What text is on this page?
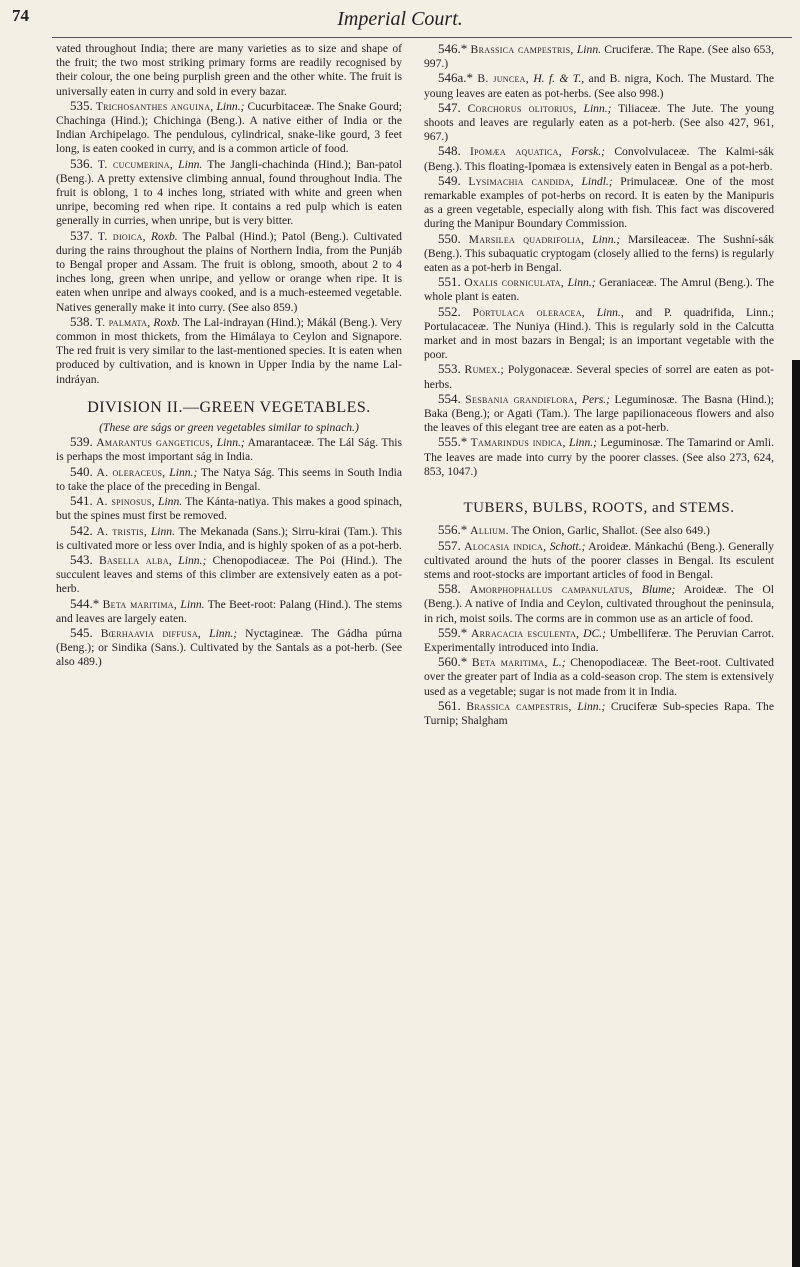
74	Imperial Court.

vated throughout India; there are many varieties as to size and shape of the fruit; the two most striking primary forms are readily recognised by their colour, the one being purplish green and the other white. The fruit is universally eaten in curry and sold in every bazar.

535. Trichosanthes anguina, Linn.; Cucurbitaceæ. The Snake Gourd; Chachinga (Hind.); Chichinga (Beng.). A native either of India or the Indian Archipelago. The pendulous, cylindrical, snake-like gourd, 3 feet long, is eaten cooked in curry, and is a common article of food.

536. T. cucumerina, Linn. The Jangli-chachinda (Hind.); Ban-patol (Beng.). A pretty extensive climbing annual, found throughout India. The fruit is oblong, 1 to 4 inches long, striated with white and green when unripe, becoming red when ripe. It contains a red pulp which is eaten generally in curries, when unripe, but is very bitter.

537. T. dioica, Roxb. The Palbal (Hind.); Patol (Beng.). Cultivated during the rains throughout the plains of Northern India, from the Punjáb to Bengal proper and Assam. The fruit is oblong, smooth, about 2 to 4 inches long, green when unripe, and yellow or orange when ripe. It is eaten when unripe and always cooked, and is a much-esteemed vegetable. Natives generally make it into curry. (See also 859.)

538. T. palmata, Roxb. The Lal-indrayan (Hind.); Mákál (Beng.). Very common in most thickets, from the Himálaya to Ceylon and Signapore. The red fruit is very similar to the last-mentioned species. It is eaten when produced by cultivation, and is known in Upper India by the name Lal-indráyan.

DIVISION II.—GREEN VEGETABLES.

(These are ságs or green vegetables similar to spinach.)

539. Amarantus gangeticus, Linn.; Amarantaceæ. The Lál Ság. This is perhaps the most important ság in India.

540. A. oleraceus, Linn.; The Natya Ság. This seems in South India to take the place of the preceding in Bengal.

541. A. spinosus, Linn. The Kánta-natiya. This makes a good spinach, but the spines must first be removed.

542. A. tristis, Linn. The Mekanada (Sans.); Sirru-kirai (Tam.). This is cultivated more or less over India, and is highly spoken of as a pot-herb.

543. Basella alba, Linn.; Chenopodiaceæ. The Poi (Hind.). The succulent leaves and stems of this climber are extensively eaten as a pot-herb.

544.* Beta maritima, Linn. The Beet-root: Palang (Hind.). The stems and leaves are largely eaten.

545. Bœrhaavia diffusa, Linn.; Nyctagineæ. The Gádha púrna (Beng.); or Sindika (Sans.). Cultivated by the Santals as a pot-herb. (See also 489.)

546.* Brassica campestris, Linn. Cruciferæ. The Rape. (See also 653, 997.)

546a.* B. juncea, H. f. & T., and B. nigra, Koch. The Mustard. The young leaves are eaten as pot-herbs. (See also 998.)

547. Corchorus olitorius, Linn.; Tiliaceæ. The Jute. The young shoots and leaves are regularly eaten as a pot-herb. (See also 427, 961, 967.)

548. Ipomæa aquatica, Forsk.; Convolvulaceæ. The Kalmi-sák (Beng.). This floating-Ipomæa is extensively eaten in Bengal as a pot-herb.

549. Lysimachia candida, Lindl.; Primulaceæ. One of the most remarkable examples of pot-herbs on record. It is eaten by the Manipuris as a green vegetable, especially along with fish. This fact was discovered during the Manipur Boundary Commission.

550. Marsilea quadrifolia, Linn.; Marsileaceæ. The Sushní-sák (Beng.). This subaquatic cryptogam (closely allied to the ferns) is regularly eaten as a pot-herb in Bengal.

551. Oxalis corniculata, Linn.; Geraniaceæ. The Amrul (Beng.). The whole plant is eaten.

552. Portulaca oleracea, Linn., and P. quadrifida, Linn.; Portulacaceæ. The Nuniya (Hind.). This is regularly sold in the Calcutta market and in most bazars in Bengal; is an important vegetable with the poor.

553. Rumex.; Polygonaceæ. Several species of sorrel are eaten as pot-herbs.

554. Sesbania grandiflora, Pers.; Leguminosæ. The Basna (Hind.); Baka (Beng.); or Agati (Tam.). The large papilionaceous flowers and also the leaves of this elegant tree are eaten as a pot-herb.

555.* Tamarindus indica, Linn.; Leguminosæ. The Tamarind or Amli. The leaves are made into curry by the poorer classes. (See also 273, 624, 853, 1047.)

TUBERS, BULBS, ROOTS, and STEMS.

556.* Allium. The Onion, Garlic, Shallot. (See also 649.)

557. Alocasia indica, Schott.; Aroideæ. Mánkachú (Beng.). Generally cultivated around the huts of the poorer classes in Bengal. Its esculent stems and root-stocks are important articles of food in Bengal.

558. Amorphophallus campanulatus, Blume; Aroideæ. The Ol (Beng.). A native of India and Ceylon, cultivated throughout the peninsula, in rich, moist soils. The corms are in common use as an article of food.

559.* Arracacia esculenta, DC.; Umbelliferæ. The Peruvian Carrot. Experimentally introduced into India.

560.* Beta maritima, L.; Chenopodiaceæ. The Beet-root. Cultivated over the greater part of India as a cold-season crop. The stem is extensively used as a vegetable; sugar is not made from it in India.

561. Brassica campestris, Linn.; Cruciferæ Sub-species Rapa. The Turnip; Shalgham
